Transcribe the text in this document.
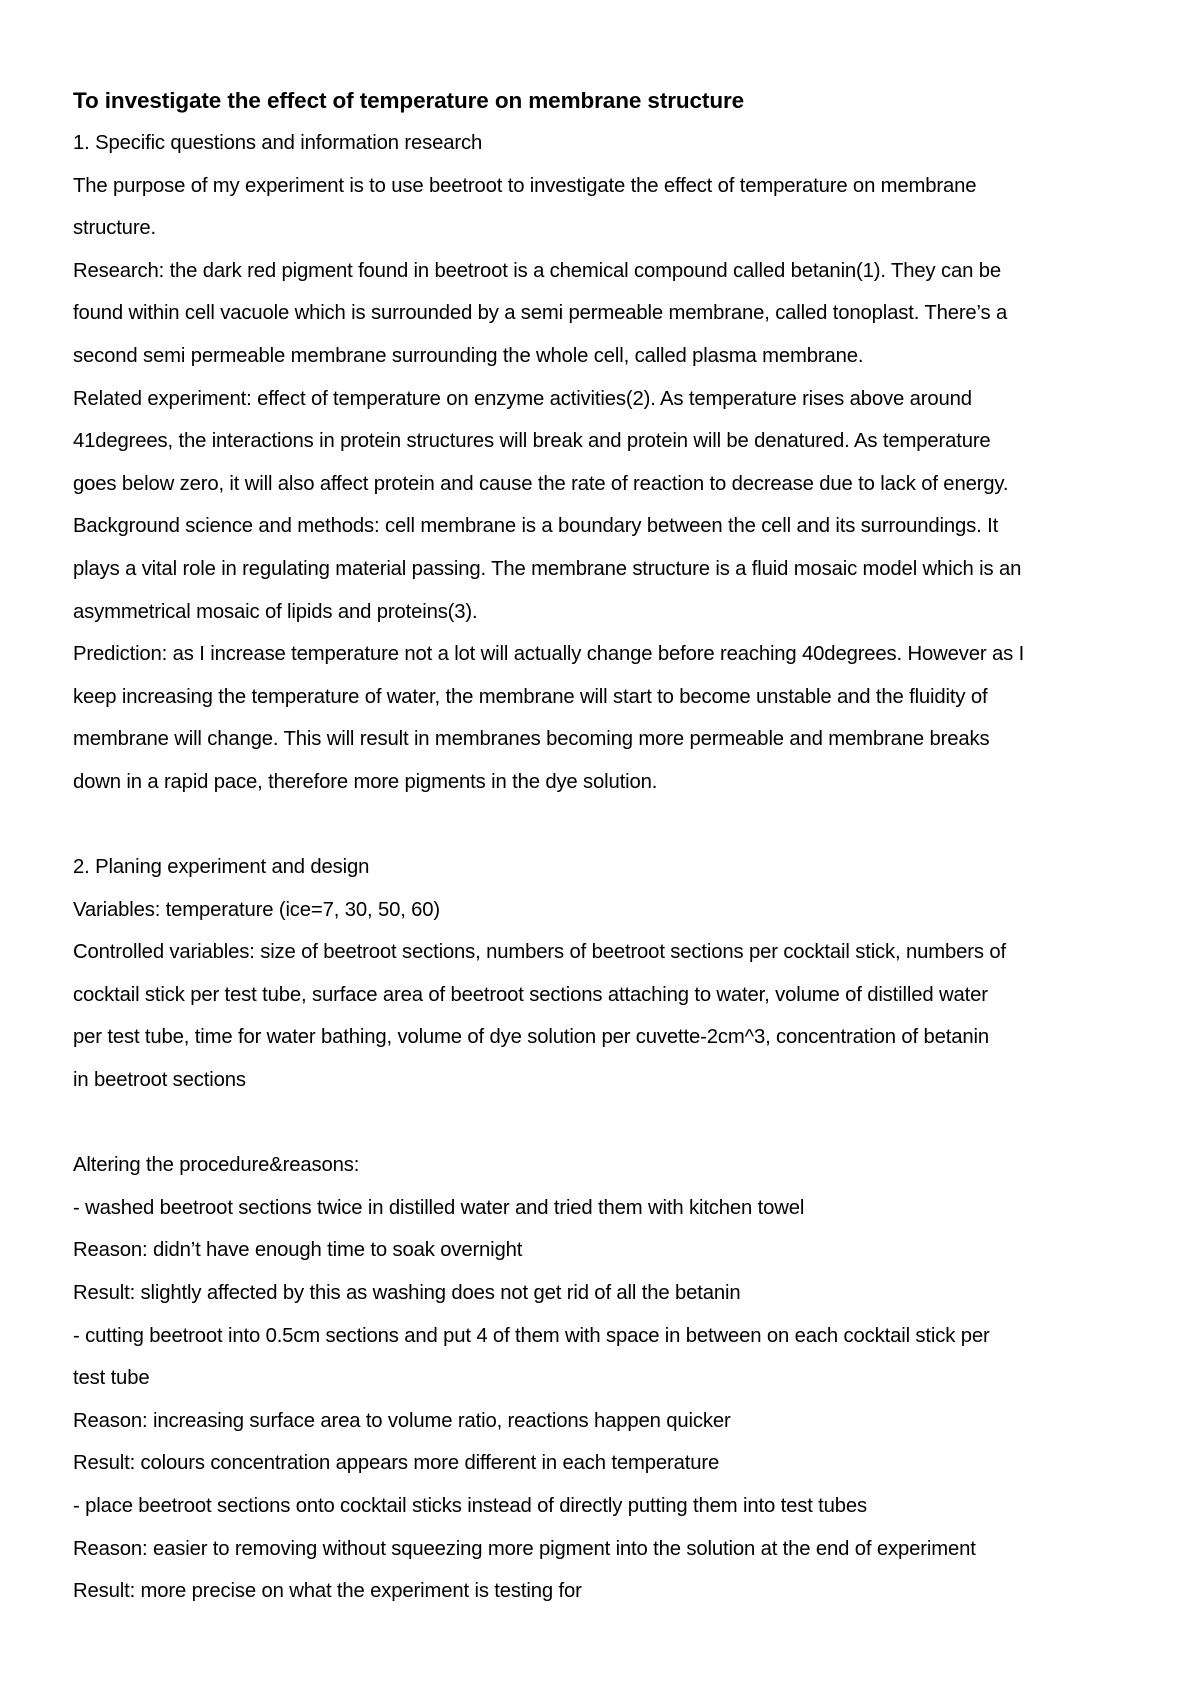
To investigate the effect of temperature on membrane structure
1. Specific questions and information research
The purpose of my experiment is to use beetroot to investigate the effect of temperature on membrane
structure.
Research: the dark red pigment found in beetroot is a chemical compound called betanin(1). They can be
found within cell vacuole which is surrounded by a semi permeable membrane, called tonoplast. There’s a
second semi permeable membrane surrounding the whole cell, called plasma membrane.
Related experiment: effect of temperature on enzyme activities(2). As temperature rises above around
41degrees, the interactions in protein structures will break and protein will be denatured. As temperature
goes below zero, it will also affect protein and cause the rate of reaction to decrease due to lack of energy.
Background science and methods: cell membrane is a boundary between the cell and its surroundings. It
plays a vital role in regulating material passing. The membrane structure is a fluid mosaic model which is an
asymmetrical mosaic of lipids and proteins(3).
Prediction: as I increase temperature not a lot will actually change before reaching 40degrees. However as I
keep increasing the temperature of water, the membrane will start to become unstable and the fluidity of
membrane will change. This will result in membranes becoming more permeable and membrane breaks
down in a rapid pace, therefore more pigments in the dye solution.
2. Planing experiment and design
Variables: temperature (ice=7, 30, 50, 60)
Controlled variables: size of beetroot sections, numbers of beetroot sections per cocktail stick, numbers of
cocktail stick per test tube, surface area of beetroot sections attaching to water, volume of distilled water
per test tube, time for water bathing, volume of dye solution per cuvette-2cm^3, concentration of betanin
in beetroot sections
Altering the procedure&reasons:
- washed beetroot sections twice in distilled water and tried them with kitchen towel
Reason: didn’t have enough time to soak overnight
Result: slightly affected by this as washing does not get rid of all the betanin
- cutting beetroot into 0.5cm sections and put 4 of them with space in between on each cocktail stick per
test tube
Reason: increasing surface area to volume ratio, reactions happen quicker
Result: colours concentration appears more different in each temperature
- place beetroot sections onto cocktail sticks instead of directly putting them into test tubes
Reason: easier to removing without squeezing more pigment into the solution at the end of experiment
Result: more precise on what the experiment is testing for
